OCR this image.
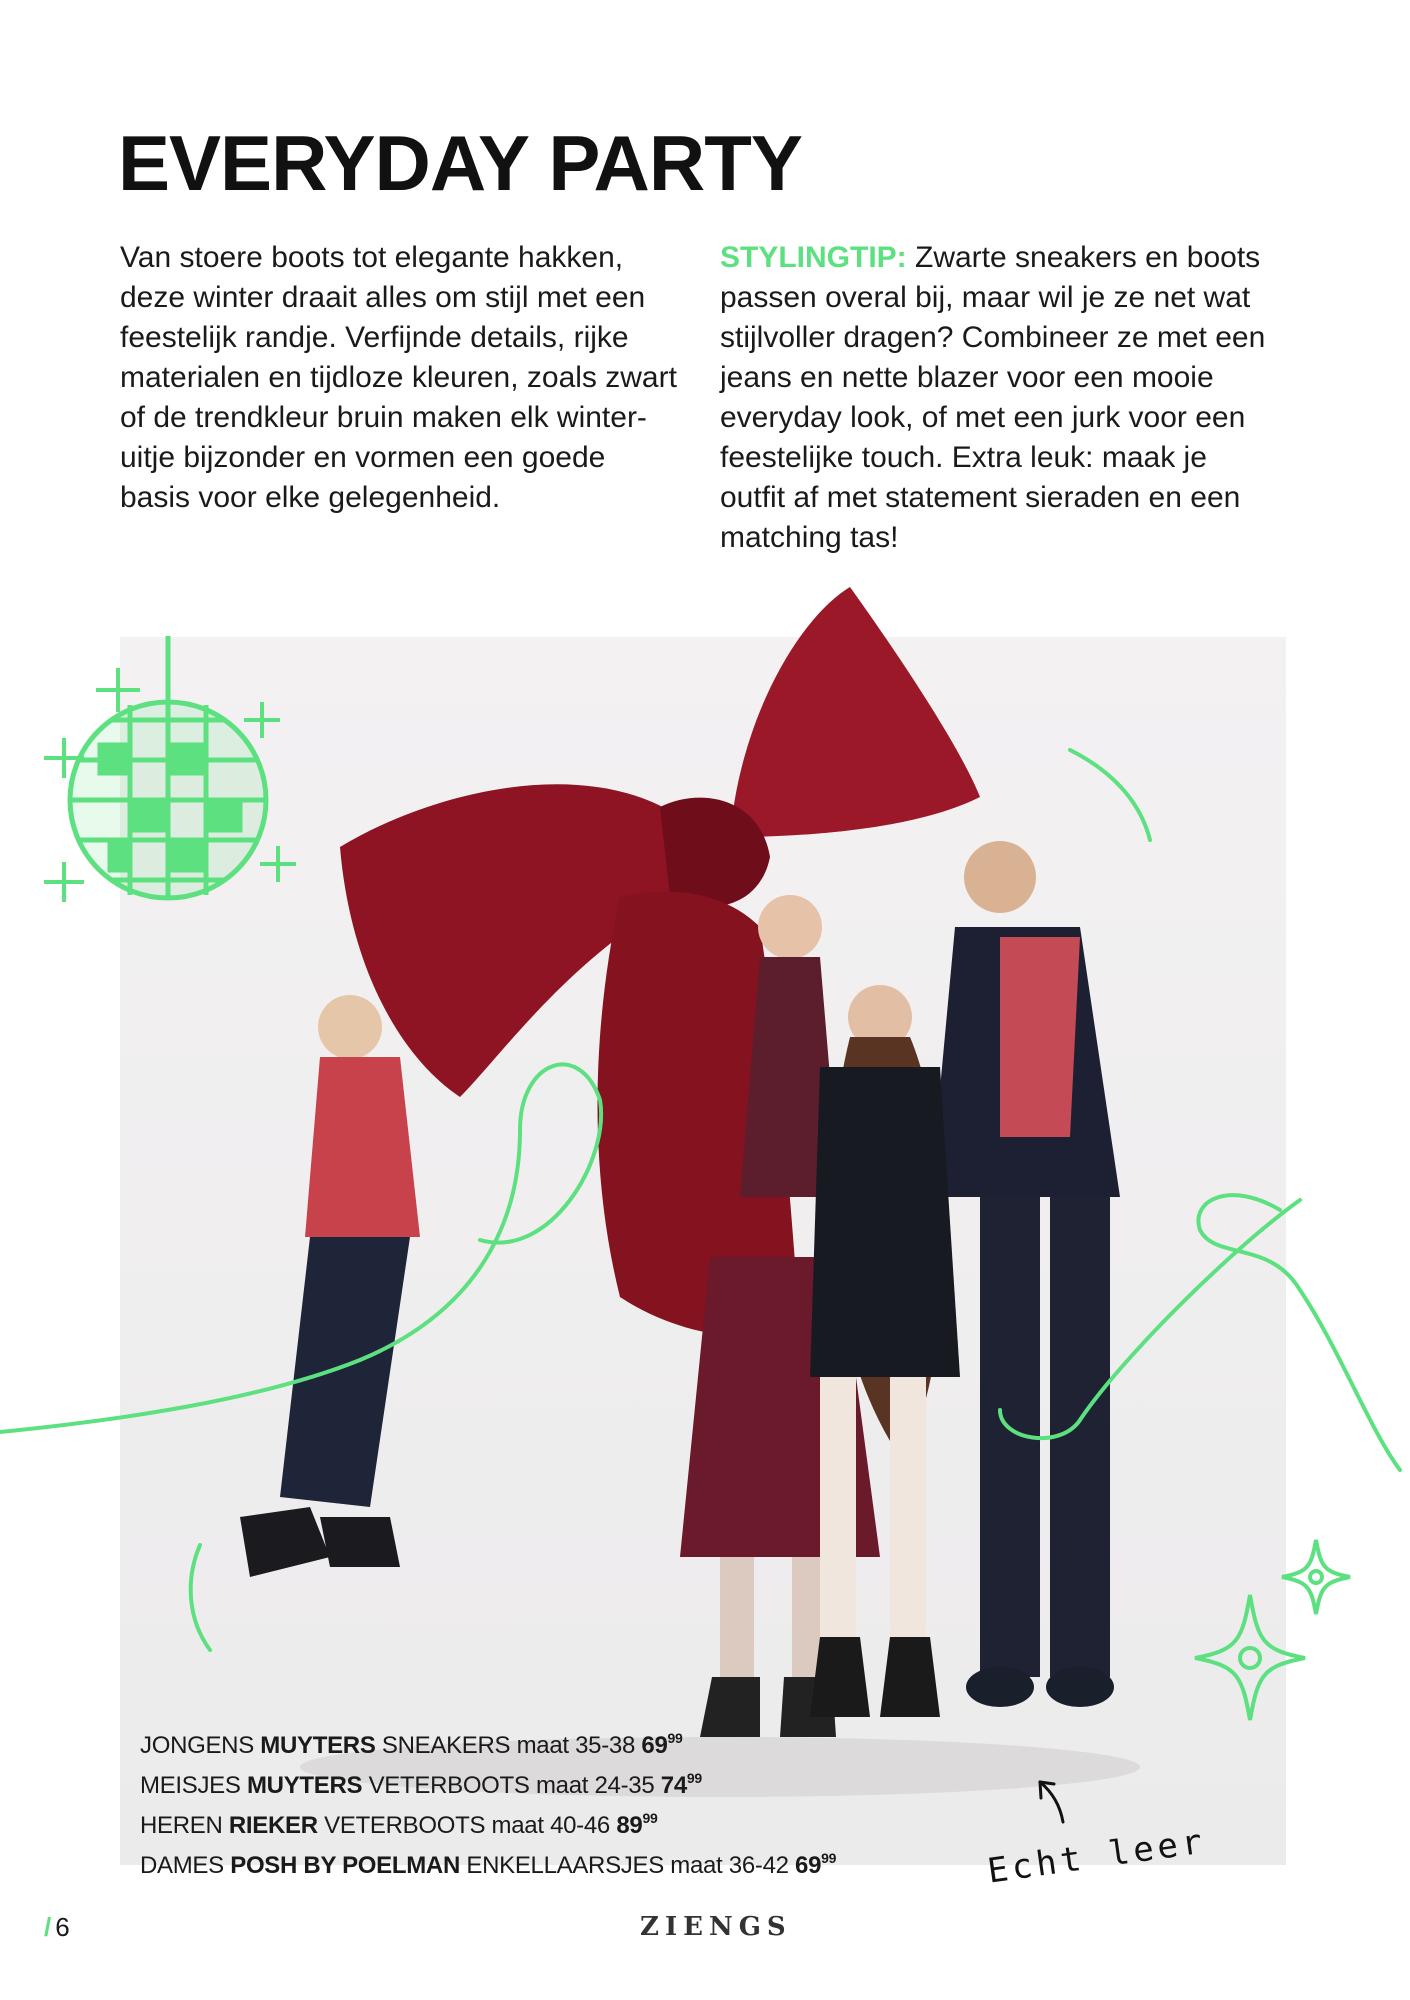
EVERYDAY PARTY
Van stoere boots tot elegante hakken, deze winter draait alles om stijl met een feestelijk randje. Verfijnde details, rijke materialen en tijdloze kleuren, zoals zwart of de trendkleur bruin maken elk winter-uitje bijzonder en vormen een goede basis voor elke gelegenheid.
STYLINGTIP: Zwarte sneakers en boots passen overal bij, maar wil je ze net wat stijlvoller dragen? Combineer ze met een jeans en nette blazer voor een mooie everyday look, of met een jurk voor een feestelijke touch. Extra leuk: maak je outfit af met statement sieraden en een matching tas!
JONGENS MUYTERS SNEAKERS maat 35-38 $69^{99}$
MEISJES MUYTERS VETERBOOTS maat 24-35 $74^{99}$
HEREN RIEKER VETERBOOTS maat 40-46 $89^{99}$
DAMES POSH BY POELMAN ENKELLAARSJES maat 36-42 $69^{99}$	Echt leer
/ 6	ZIENGS
